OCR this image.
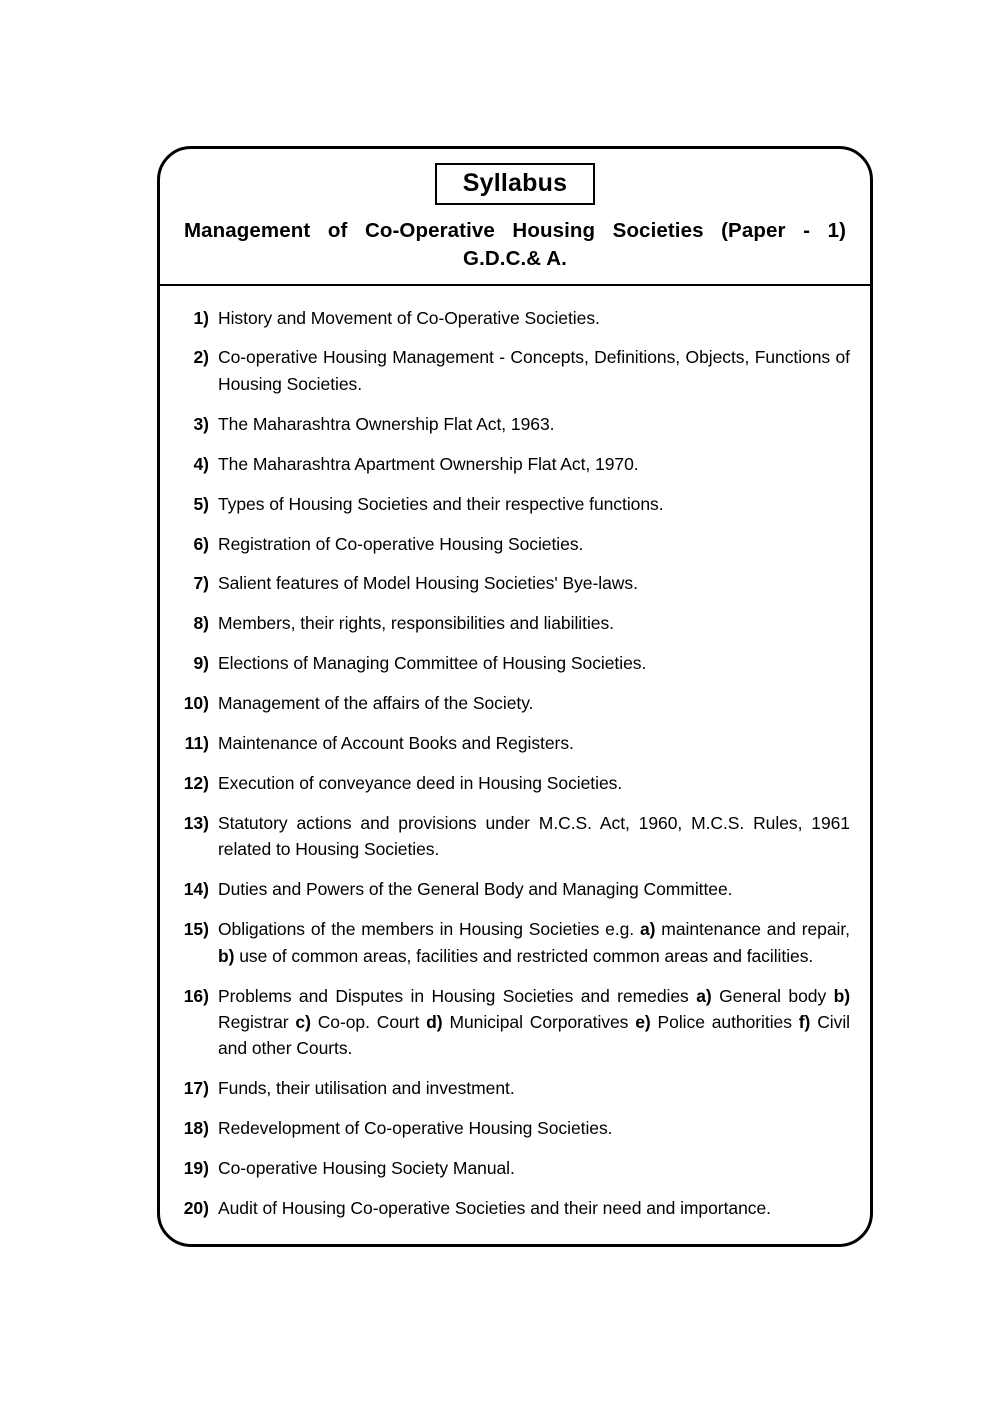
Syllabus
Management of Co-Operative Housing Societies (Paper - 1)
G.D.C.& A.
1) History and Movement of Co-Operative Societies.
2) Co-operative Housing Management - Concepts, Definitions, Objects, Functions of Housing Societies.
3) The Maharashtra Ownership Flat Act, 1963.
4) The Maharashtra Apartment Ownership Flat Act, 1970.
5) Types of Housing Societies and their respective functions.
6) Registration of Co-operative Housing Societies.
7) Salient features of Model Housing Societies' Bye-laws.
8) Members, their rights, responsibilities and liabilities.
9) Elections of Managing Committee of Housing Societies.
10) Management of the affairs of the Society.
11) Maintenance of Account Books and Registers.
12) Execution of conveyance deed in Housing Societies.
13) Statutory actions and provisions under M.C.S. Act, 1960, M.C.S. Rules, 1961 related to Housing Societies.
14) Duties and Powers of the General Body and Managing Committee.
15) Obligations of the members in Housing Societies e.g. a) maintenance and repair, b) use of common areas, facilities and restricted common areas and facilities.
16) Problems and Disputes in Housing Societies and remedies a) General body b) Registrar c) Co-op. Court d) Municipal Corporatives e) Police authorities f) Civil and other Courts.
17) Funds, their utilisation and investment.
18) Redevelopment of Co-operative Housing Societies.
19) Co-operative Housing Society Manual.
20) Audit of Housing Co-operative Societies and their need and importance.
